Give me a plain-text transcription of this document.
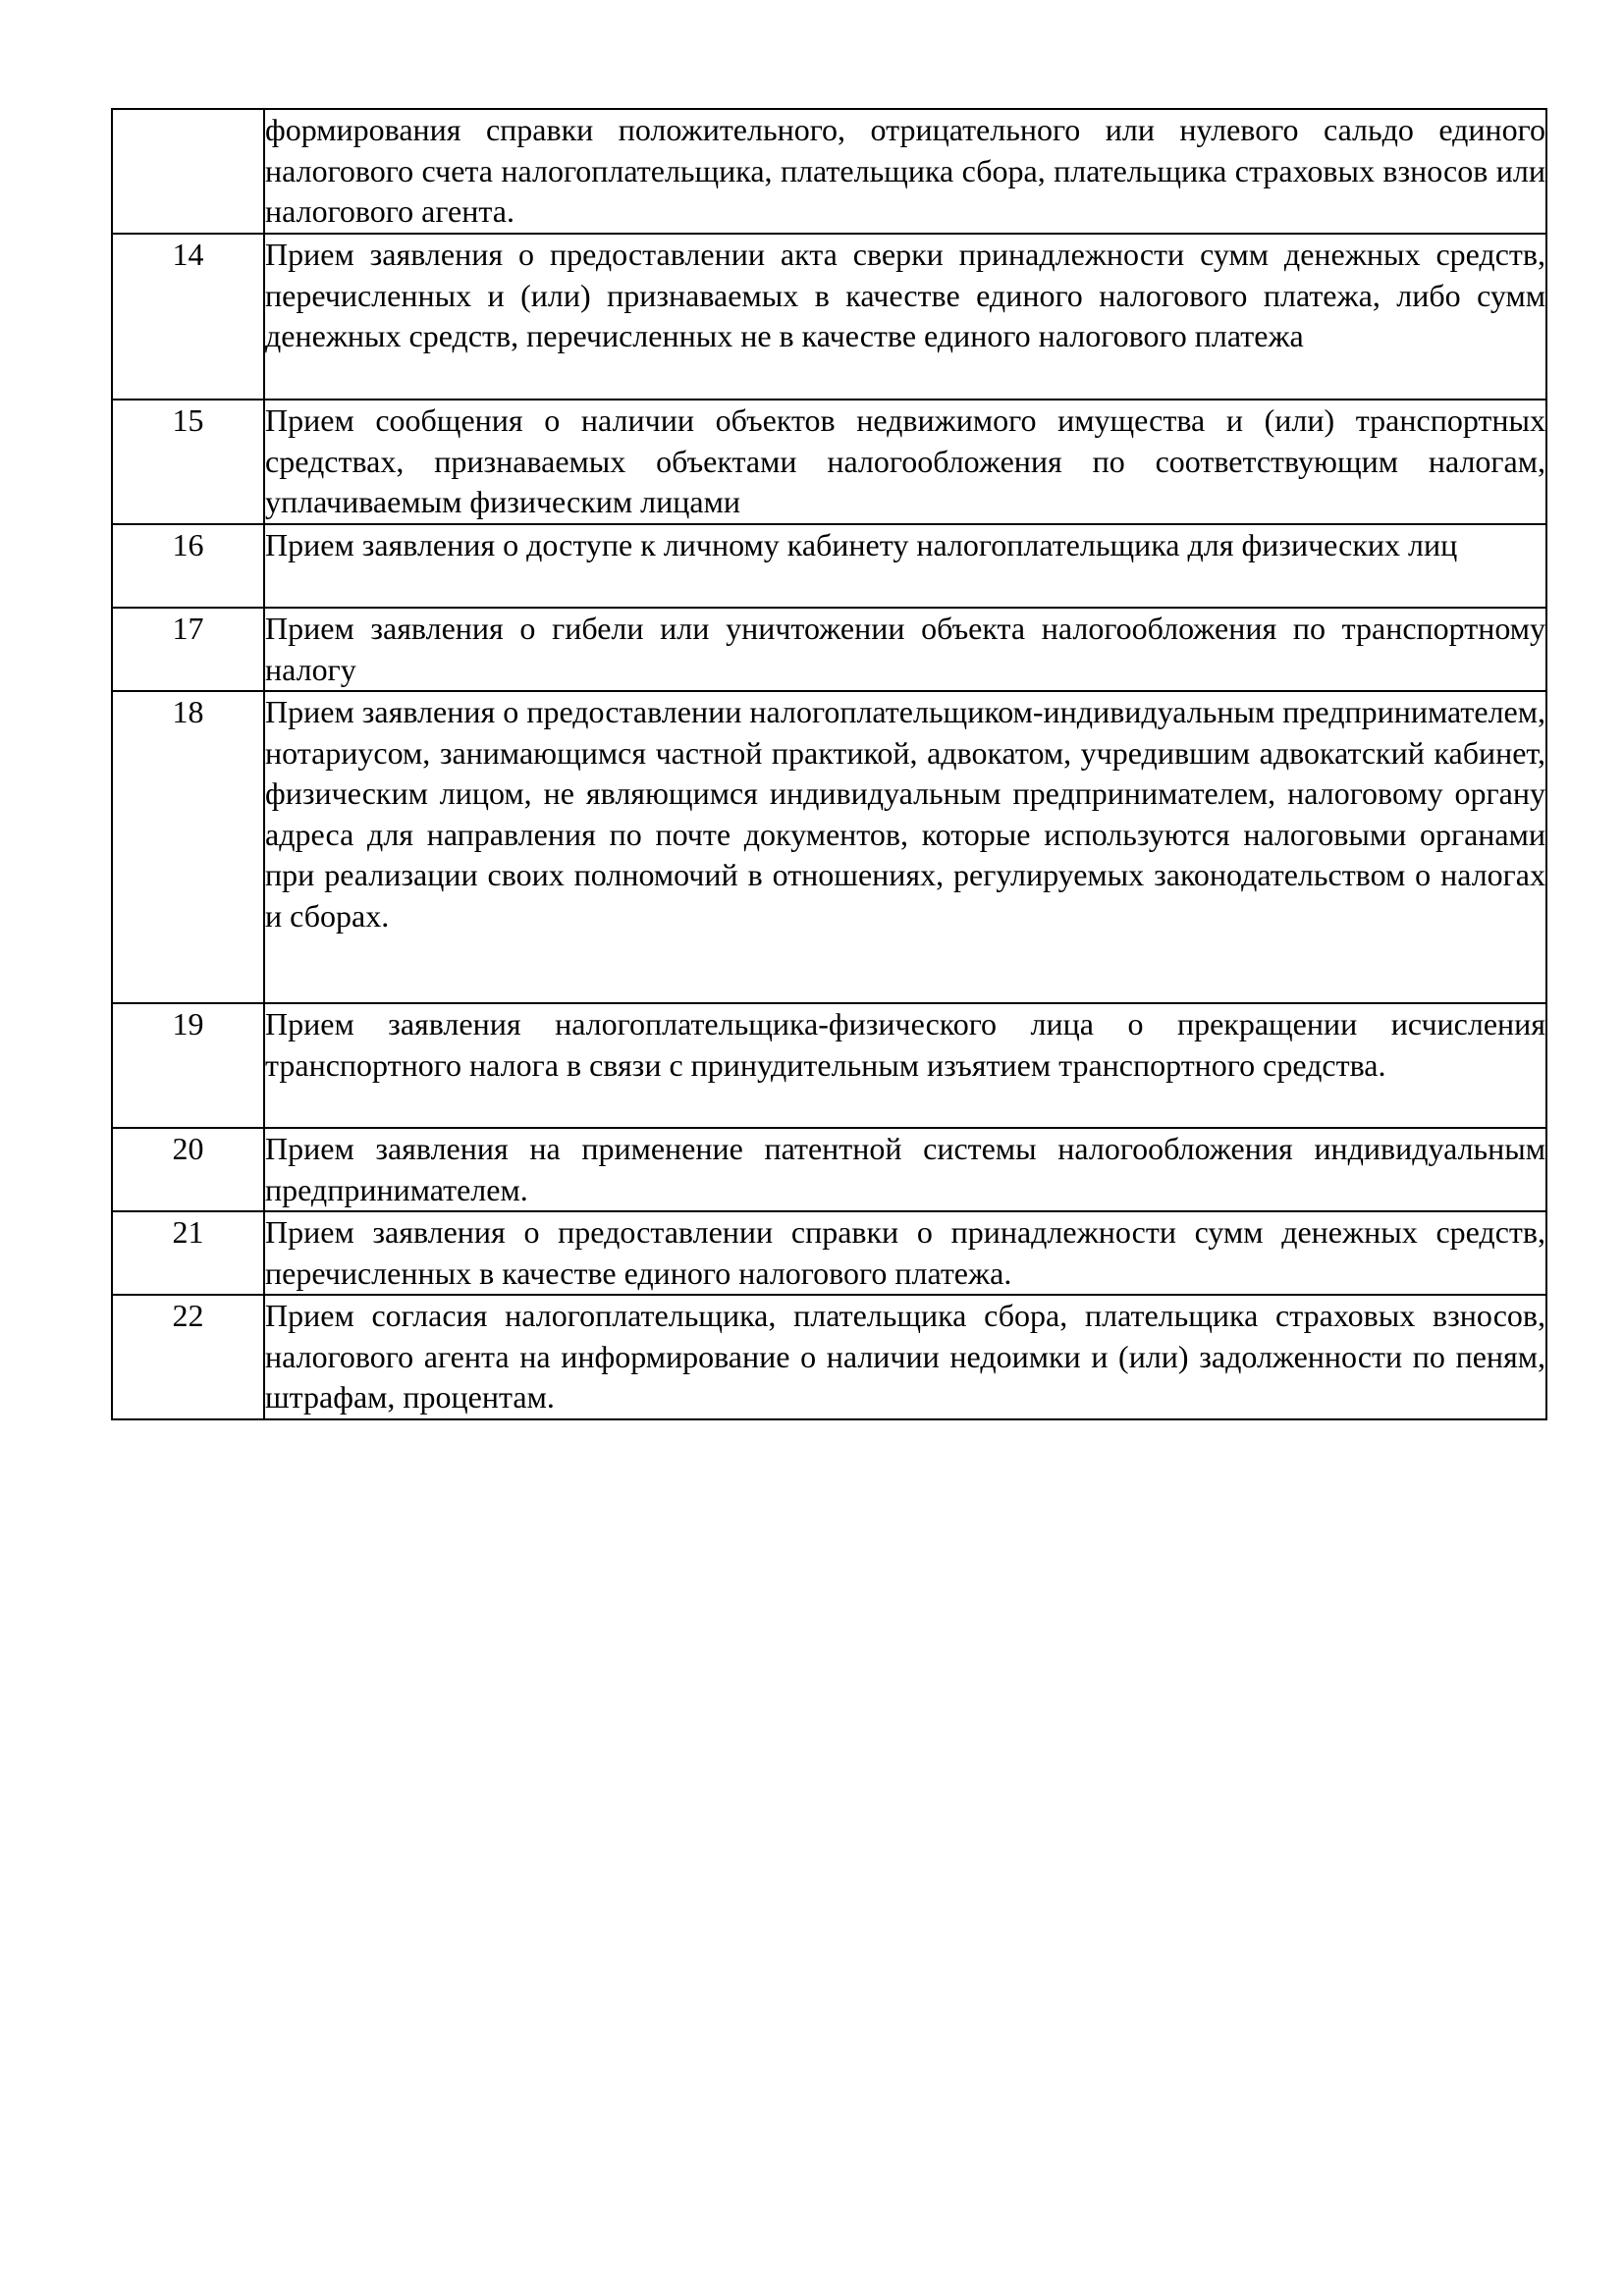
	формирования справки положительного, отрицательного или нулевого сальдо единого налогового счета налогоплательщика, плательщика сбора, плательщика страховых взносов или налогового агента.
14	Прием заявления о предоставлении акта сверки принадлежности сумм денежных средств, перечисленных и (или) признаваемых в качестве единого налогового платежа, либо сумм денежных средств, перечисленных не в качестве единого налогового платежа
15	Прием сообщения о наличии объектов недвижимого имущества и (или) транспортных средствах, признаваемых объектами налогообложения по соответствующим налогам, уплачиваемым физическим лицами
16	Прием заявления о доступе к личному кабинету налогоплательщика для физических лиц
17	Прием заявления о гибели или уничтожении объекта налогообложения по транспортному налогу
18	Прием заявления о предоставлении налогоплательщиком-индивидуальным предпринимателем, нотариусом, занимающимся частной практикой, адвокатом, учредившим адвокатский кабинет, физическим лицом, не являющимся индивидуальным предпринимателем, налоговому органу адреса для направления по почте документов, которые используются налоговыми органами при реализации своих полномочий в отношениях, регулируемых законодательством о налогах и сборах.
19	Прием заявления налогоплательщика-физического лица о прекращении исчисления транспортного налога в связи с принудительным изъятием транспортного средства.
20	Прием заявления на применение патентной системы налогообложения индивидуальным предпринимателем.
21	Прием заявления о предоставлении справки о принадлежности сумм денежных средств, перечисленных в качестве единого налогового платежа.
22	Прием согласия налогоплательщика, плательщика сбора, плательщика страховых взносов, налогового агента на информирование о наличии недоимки и (или) задолженности по пеням, штрафам, процентам.
